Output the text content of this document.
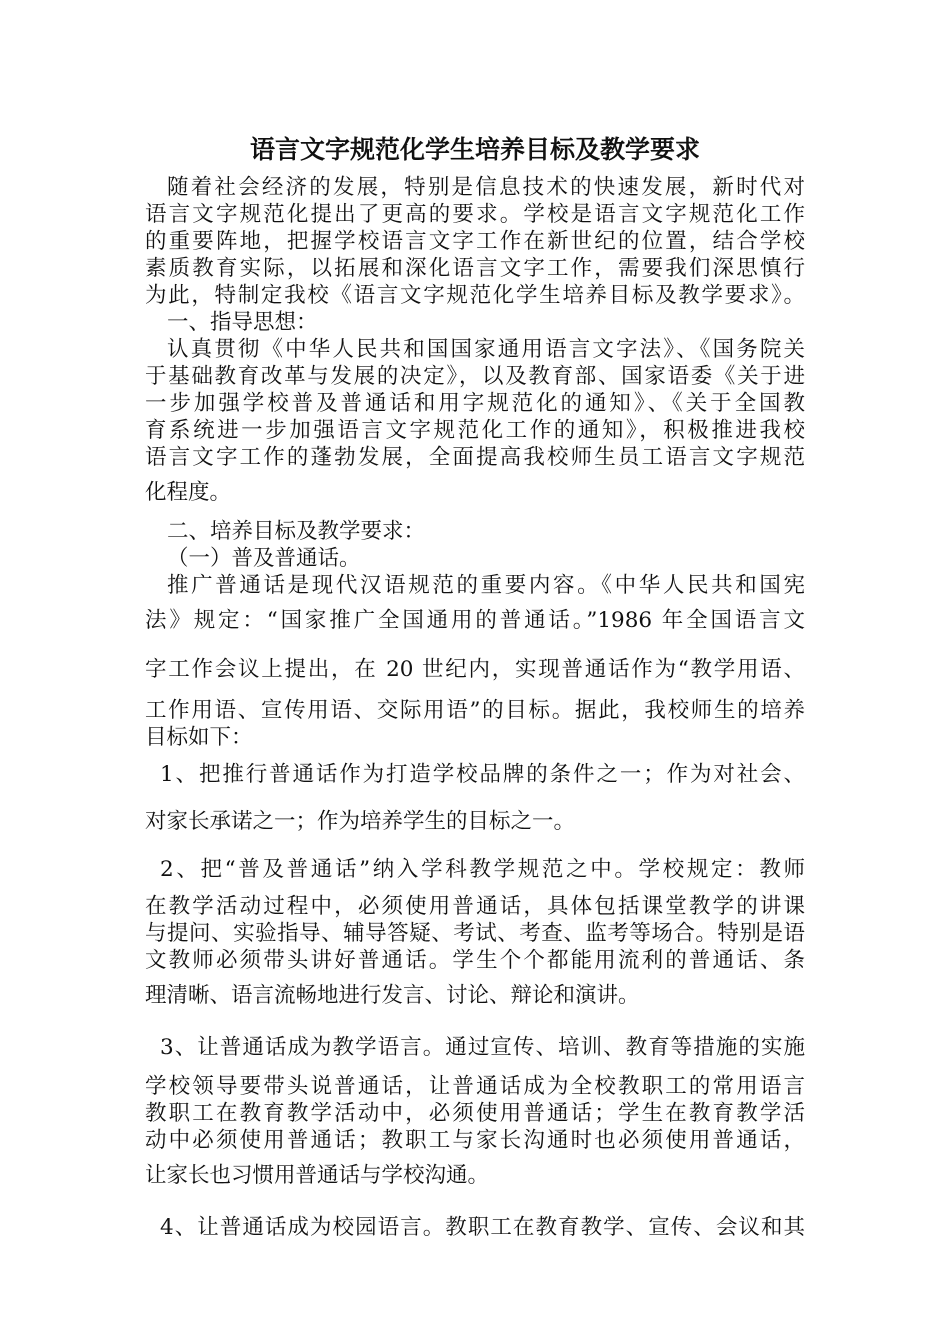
语言文字规范化学生培养目标及教学要求
随着社会经济的发展，特别是信息技术的快速发展，新时代对
语言文字规范化提出了更高的要求。学校是语言文字规范化工作
的重要阵地，把握学校语言文字工作在新世纪的位置，结合学校
素质教育实际，以拓展和深化语言文字工作，需要我们深思慎行
为此，特制定我校《语言文字规范化学生培养目标及教学要求》。
一、指导思想：
认真贯彻《中华人民共和国国家通用语言文字法》、《国务院关
于基础教育改革与发展的决定》，以及教育部、国家语委《关于进
一步加强学校普及普通话和用字规范化的通知》、《关于全国教
育系统进一步加强语言文字规范化工作的通知》，积极推进我校
语言文字工作的蓬勃发展，全面提高我校师生员工语言文字规范
化程度。
二、培养目标及教学要求：
（一）普及普通话。
推广普通话是现代汉语规范的重要内容。《中华人民共和国宪
法》规定：“国家推广全国通用的普通话。”1986 年全国语言文
字工作会议上提出，在 20 世纪内，实现普通话作为“教学用语、
工作用语、宣传用语、交际用语”的目标。据此，我校师生的培养
目标如下：
1、把推行普通话作为打造学校品牌的条件之一；作为对社会、
对家长承诺之一；作为培养学生的目标之一。
2、把“普及普通话”纳入学科教学规范之中。学校规定：教师
在教学活动过程中，必须使用普通话，具体包括课堂教学的讲课
与提问、实验指导、辅导答疑、考试、考查、监考等场合。特别是语
文教师必须带头讲好普通话。学生个个都能用流利的普通话、条
理清晰、语言流畅地进行发言、讨论、辩论和演讲。
3、让普通话成为教学语言。通过宣传、培训、教育等措施的实施
学校领导要带头说普通话，让普通话成为全校教职工的常用语言
教职工在教育教学活动中，必须使用普通话；学生在教育教学活
动中必须使用普通话；教职工与家长沟通时也必须使用普通话，
让家长也习惯用普通话与学校沟通。
4、让普通话成为校园语言。教职工在教育教学、宣传、会议和其
